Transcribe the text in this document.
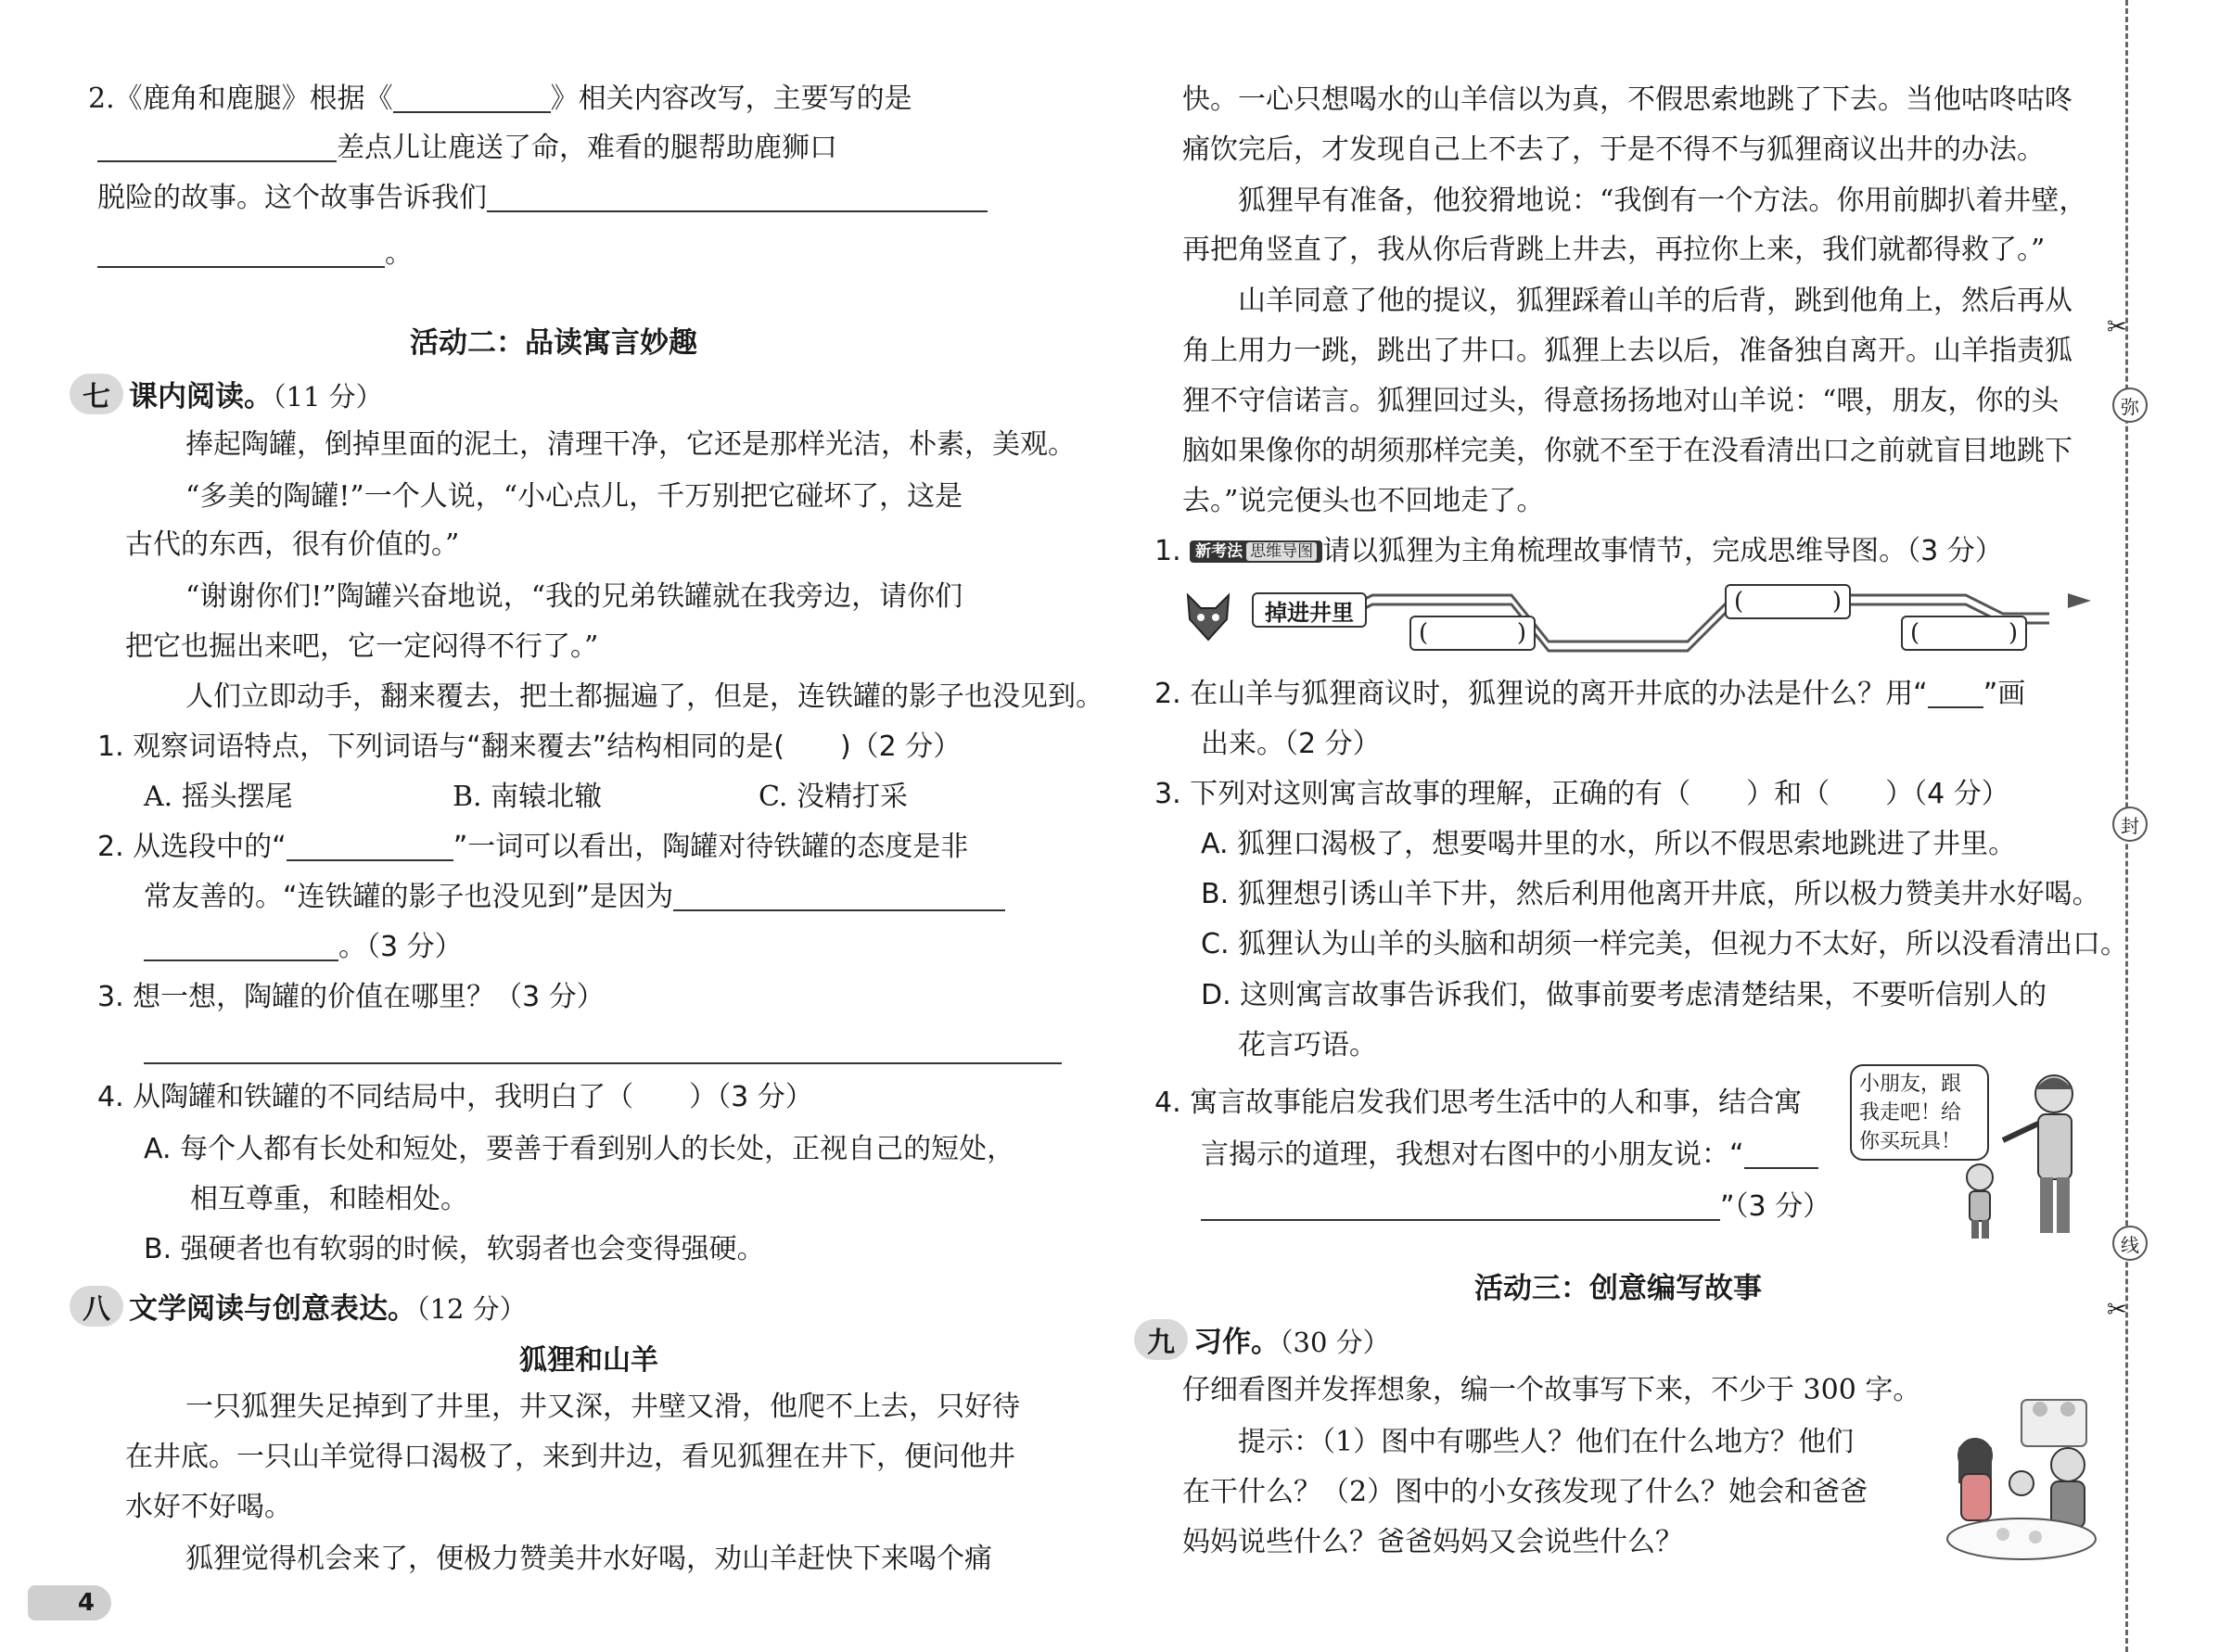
2.《鹿角和鹿腿》根据《	》相关内容改写，主要写的是
差点儿让鹿送了命，难看的腿帮助鹿狮口
脱险的故事。这个故事告诉我们
。
活动二：品读寓言妙趣
七 课内阅读。（11 分）
捧起陶罐，倒掉里面的泥土，清理干净，它还是那样光洁，朴素，美观。
“多美的陶罐!”一个人说，“小心点儿，千万别把它碰坏了，这是
古代的东西，很有价值的。”
“谢谢你们!”陶罐兴奋地说，“我的兄弟铁罐就在我旁边，请你们
把它也掘出来吧，它一定闷得不行了。”
人们立即动手，翻来覆去，把土都掘遍了，但是，连铁罐的影子也没见到。
1. 观察词语特点，下列词语与“翻来覆去”结构相同的是(　　)（2 分）
A. 摇头摆尾	B. 南辕北辙	C. 没精打采
2. 从选段中的“	”一词可以看出，陶罐对待铁罐的态度是非
常友善的。“连铁罐的影子也没见到”是因为
。（3 分）
3. 想一想，陶罐的价值在哪里？（3 分）
4. 从陶罐和铁罐的不同结局中，我明白了（　　）（3 分）
A. 每个人都有长处和短处，要善于看到别人的长处，正视自己的短处，
相互尊重，和睦相处。
B. 强硬者也有软弱的时候，软弱者也会变得强硬。
八 文学阅读与创意表达。（12 分）
狐狸和山羊
一只狐狸失足掉到了井里，井又深，井壁又滑，他爬不上去，只好待
在井底。一只山羊觉得口渴极了，来到井边，看见狐狸在井下，便问他井
水好不好喝。
狐狸觉得机会来了，便极力赞美井水好喝，劝山羊赶快下来喝个痛
快。一心只想喝水的山羊信以为真，不假思索地跳了下去。当他咕咚咕咚
痛饮完后，才发现自己上不去了，于是不得不与狐狸商议出井的办法。
狐狸早有准备，他狡猾地说：“我倒有一个方法。你用前脚扒着井壁，
再把角竖直了，我从你后背跳上井去，再拉你上来，我们就都得救了。”
山羊同意了他的提议，狐狸踩着山羊的后背，跳到他角上，然后再从
角上用力一跳，跳出了井口。狐狸上去以后，准备独自离开。山羊指责狐
狸不守信诺言。狐狸回过头，得意扬扬地对山羊说：“喂，朋友，你的头
脑如果像你的胡须那样完美，你就不至于在没看清出口之前就盲目地跳下
去。”说完便头也不回地走了。
1. 新考法 思维导图 请以狐狸为主角梳理故事情节，完成思维导图。（3 分）
掉进井里
(	)
(	)
(	)
2. 在山羊与狐狸商议时，狐狸说的离开井底的办法是什么？用“ ”画
出来。（2 分）
3. 下列对这则寓言故事的理解，正确的有（　　）和（　　）（4 分）
A. 狐狸口渴极了，想要喝井里的水，所以不假思索地跳进了井里。
B. 狐狸想引诱山羊下井，然后利用他离开井底，所以极力赞美井水好喝。
C. 狐狸认为山羊的头脑和胡须一样完美，但视力不太好，所以没看清出口。
D. 这则寓言故事告诉我们，做事前要考虑清楚结果，不要听信别人的
花言巧语。
4. 寓言故事能启发我们思考生活中的人和事，结合寓
言揭示的道理，我想对右图中的小朋友说：“
”（3 分）
活动三：创意编写故事
九 习作。（30 分）
仔细看图并发挥想象，编一个故事写下来，不少于 300 字。
提示：（1）图中有哪些人？他们在什么地方？他们
在干什么？（2）图中的小女孩发现了什么？她会和爸爸
妈妈说些什么？爸爸妈妈又会说些什么？
小朋友，跟我走吧！给你买玩具！
✂
弥
封
线
✂
4
